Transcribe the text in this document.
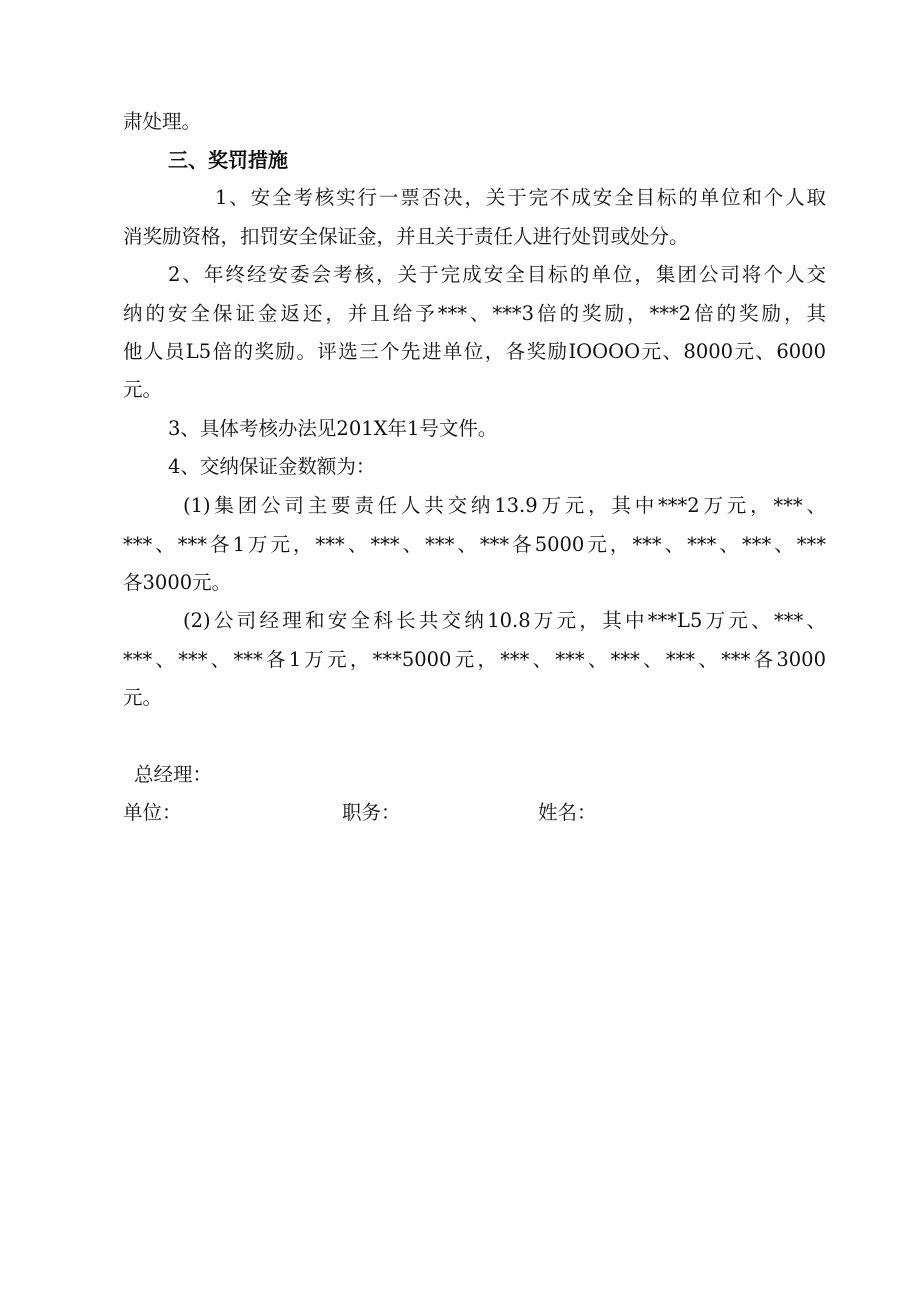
肃处理。
三、奖罚措施
1、安全考核实行一票否决，关于完不成安全目标的单位和个人取
消奖励资格，扣罚安全保证金，并且关于责任人进行处罚或处分。
2、年终经安委会考核，关于完成安全目标的单位，集团公司将个人交
纳的安全保证金返还，并且给予***、***3倍的奖励，***2倍的奖励，其
他人员L5倍的奖励。评选三个先进单位，各奖励IOOOO元、8000元、6000
元。
3、具体考核办法见201X年1号文件。
4、交纳保证金数额为：
(1)集团公司主要责任人共交纳13.9万元，其中***2万元，***、
***、***各1万元，***、***、***、***各5000元，***、***、***、***
各3000元。
(2)公司经理和安全科长共交纳10.8万元，其中***L5万元、***、
***、***、***各1万元，***5000元，***、***、***、***、***各3000
元。
总经理：
单位：	职务：	姓名：
